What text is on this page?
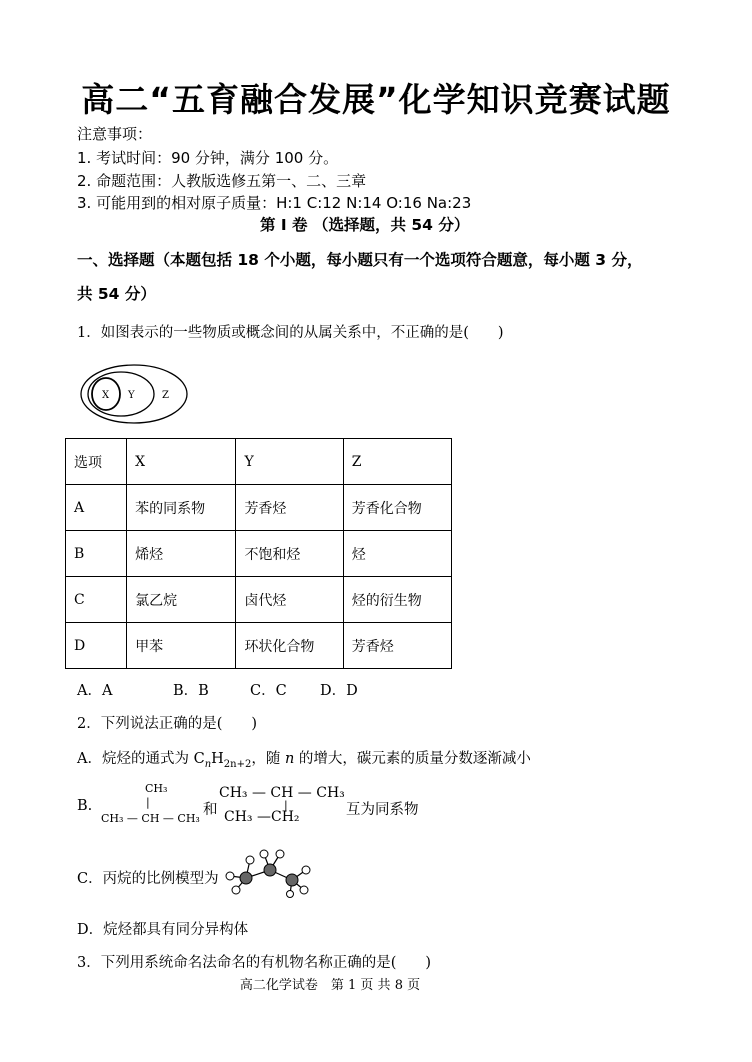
高二“五育融合发展”化学知识竞赛试题
注意事项：
1. 考试时间：90 分钟，满分 100 分。
2. 命题范围：人教版选修五第一、二、三章
3. 可能用到的相对原子质量：H:1 C:12 N:14 O:16 Na:23
第 I 卷 （选择题，共 54 分）
一、选择题（本题包括 18 个小题，每小题只有一个选项符合题意，每小题 3 分，
共 54 分）
1．如图表示的一些物质或概念间的从属关系中，不正确的是(　　)
X Y	Z
选项	X	Y	Z
A	苯的同系物	芳香烃	芳香化合物
B	烯烃	不饱和烃	烃
C	氯乙烷	卤代烃	烃的衍生物
D	甲苯	环状化合物	芳香烃
A．A	B．B	C．C D．D
2．下列说法正确的是(　　)
A．烷烃的通式为 $C_nH_{2n+2}$，随 n 的增大，碳元素的质量分数逐渐减小
B.
CH₃
|
CH₃ — CH — CH₃
和
CH₃ — CH — CH₃
|
CH₃ —CH₂	互为同系物
C．丙烷的比例模型为
D．烷烃都具有同分异构体
3．下列用系统命名法命名的有机物名称正确的是(　　)
高二化学试卷　第 1 页 共 8 页
